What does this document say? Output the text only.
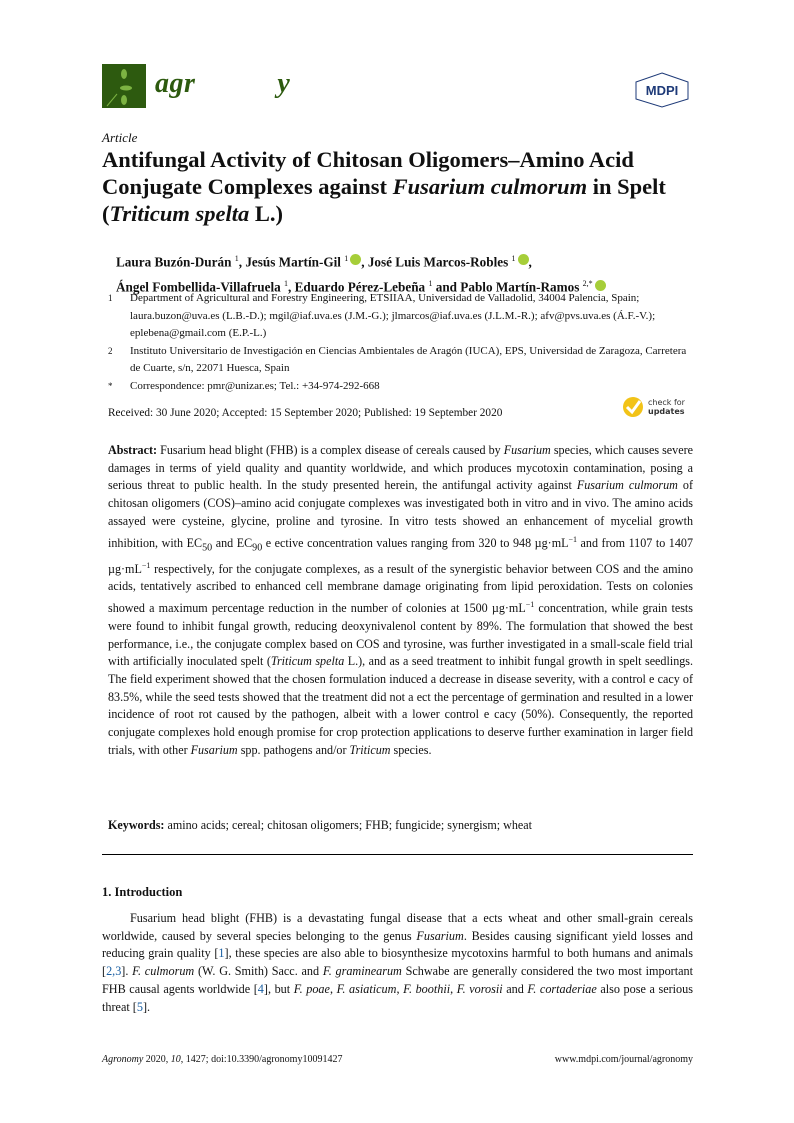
agr	y	MDPI
Article
Antifungal Activity of Chitosan Oligomers–Amino Acid Conjugate Complexes against Fusarium culmorum in Spelt (Triticum spelta L.)
Laura Buzón-Durán $^1$, Jesús Martín-Gil $^1$ , José Luis Marcos-Robles $^1$ ,
Ángel Fombellida-Villafruela $^1$, Eduardo Pérez-Lebeña $^1$ and Pablo Martín-Ramos $^{2,*}$
1	Department of Agricultural and Forestry Engineering, ETSIIAA, Universidad de Valladolid, 34004 Palencia, Spain; laura.buzon@uva.es (L.B.-D.); mgil@iaf.uva.es (J.M.-G.); jlmarcos@iaf.uva.es (J.L.M.-R.); afv@pvs.uva.es (Á.F.-V.); eplebena@gmail.com (E.P.-L.)
2	Instituto Universitario de Investigación en Ciencias Ambientales de Aragón (IUCA), EPS, Universidad de Zaragoza, Carretera de Cuarte, s/n, 22071 Huesca, Spain
*	Correspondence: pmr@unizar.es; Tel.: +34-974-292-668
Received: 30 June 2020; Accepted: 15 September 2020; Published: 19 September 2020
check for
updates
Abstract: Fusarium head blight (FHB) is a complex disease of cereals caused by Fusarium species, which causes severe damages in terms of yield quality and quantity worldwide, and which produces mycotoxin contamination, posing a serious threat to public health. In the study presented herein, the antifungal activity against Fusarium culmorum of chitosan oligomers (COS)–amino acid conjugate complexes was investigated both in vitro and in vivo. The amino acids assayed were cysteine, glycine, proline and tyrosine. In vitro tests showed an enhancement of mycelial growth inhibition, with $EC_{50}$ and $EC_{90}$ e ective concentration values ranging from 320 to 948 $\mu g\cdot mL^{-1}$ and from 1107 to 1407 $\mu g\cdot mL^{-1}$ respectively, for the conjugate complexes, as a result of the synergistic behavior between COS and the amino acids, tentatively ascribed to enhanced cell membrane damage originating from lipid peroxidation. Tests on colonies showed a maximum percentage reduction in the number of colonies at 1500 $\mu g\cdot mL^{-1}$ concentration, while grain tests were found to inhibit fungal growth, reducing deoxynivalenol content by 89%. The formulation that showed the best performance, i.e., the conjugate complex based on COS and tyrosine, was further investigated in a small-scale field trial with artificially inoculated spelt (Triticum spelta L.), and as a seed treatment to inhibit fungal growth in spelt seedlings. The field experiment showed that the chosen formulation induced a decrease in disease severity, with a control e cacy of 83.5%, while the seed tests showed that the treatment did not a ect the percentage of germination and resulted in a lower incidence of root rot caused by the pathogen, albeit with a lower control e cacy (50%). Consequently, the reported conjugate complexes hold enough promise for crop protection applications to deserve further examination in larger field trials, with other Fusarium spp. pathogens and/or Triticum species.
Keywords: amino acids; cereal; chitosan oligomers; FHB; fungicide; synergism; wheat
1. Introduction
Fusarium head blight (FHB) is a devastating fungal disease that a ects wheat and other small-grain cereals worldwide, caused by several species belonging to the genus Fusarium. Besides causing significant yield losses and reducing grain quality [1], these species are also able to biosynthesize mycotoxins harmful to both humans and animals [2,3]. F. culmorum (W. G. Smith) Sacc. and F. graminearum Schwabe are generally considered the two most important FHB causal agents worldwide [4], but F. poae, F. asiaticum, F. boothii, F. vorosii and F. cortaderiae also pose a serious threat [5].
Agronomy 2020, 10, 1427; doi:10.3390/agronomy10091427	www.mdpi.com/journal/agronomy
